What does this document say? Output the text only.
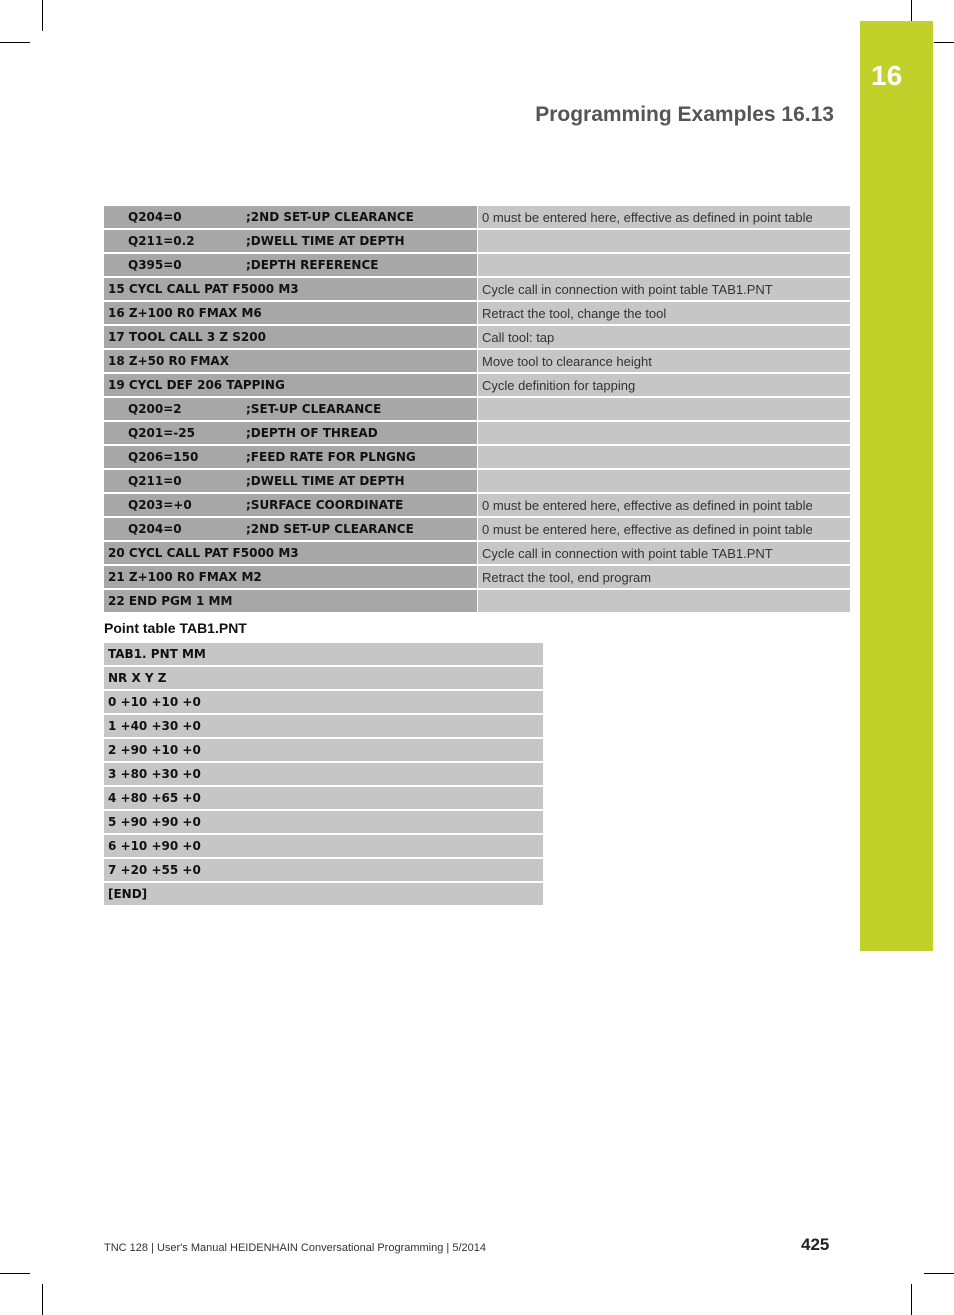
16
Programming Examples 16.13
Q204=0	;2ND SET-UP CLEARANCE	0 must be entered here, effective as defined in point table
Q211=0.2	;DWELL TIME AT DEPTH
Q395=0	;DEPTH REFERENCE
15 CYCL CALL PAT F5000 M3	Cycle call in connection with point table TAB1.PNT
16 Z+100 R0 FMAX M6	Retract the tool, change the tool
17 TOOL CALL 3 Z S200	Call tool: tap
18 Z+50 R0 FMAX	Move tool to clearance height
19 CYCL DEF 206 TAPPING	Cycle definition for tapping
Q200=2	;SET-UP CLEARANCE
Q201=-25	;DEPTH OF THREAD
Q206=150	;FEED RATE FOR PLNGNG
Q211=0	;DWELL TIME AT DEPTH
Q203=+0	;SURFACE COORDINATE	0 must be entered here, effective as defined in point table
Q204=0	;2ND SET-UP CLEARANCE	0 must be entered here, effective as defined in point table
20 CYCL CALL PAT F5000 M3	Cycle call in connection with point table TAB1.PNT
21 Z+100 R0 FMAX M2	Retract the tool, end program
22 END PGM 1 MM
Point table TAB1.PNT
TAB1. PNT MM
NR X Y Z
0 +10 +10 +0
1 +40 +30 +0
2 +90 +10 +0
3 +80 +30 +0
4 +80 +65 +0
5 +90 +90 +0
6 +10 +90 +0
7 +20 +55 +0
[END]
TNC 128 | User's Manual HEIDENHAIN Conversational Programming | 5/2014	425
